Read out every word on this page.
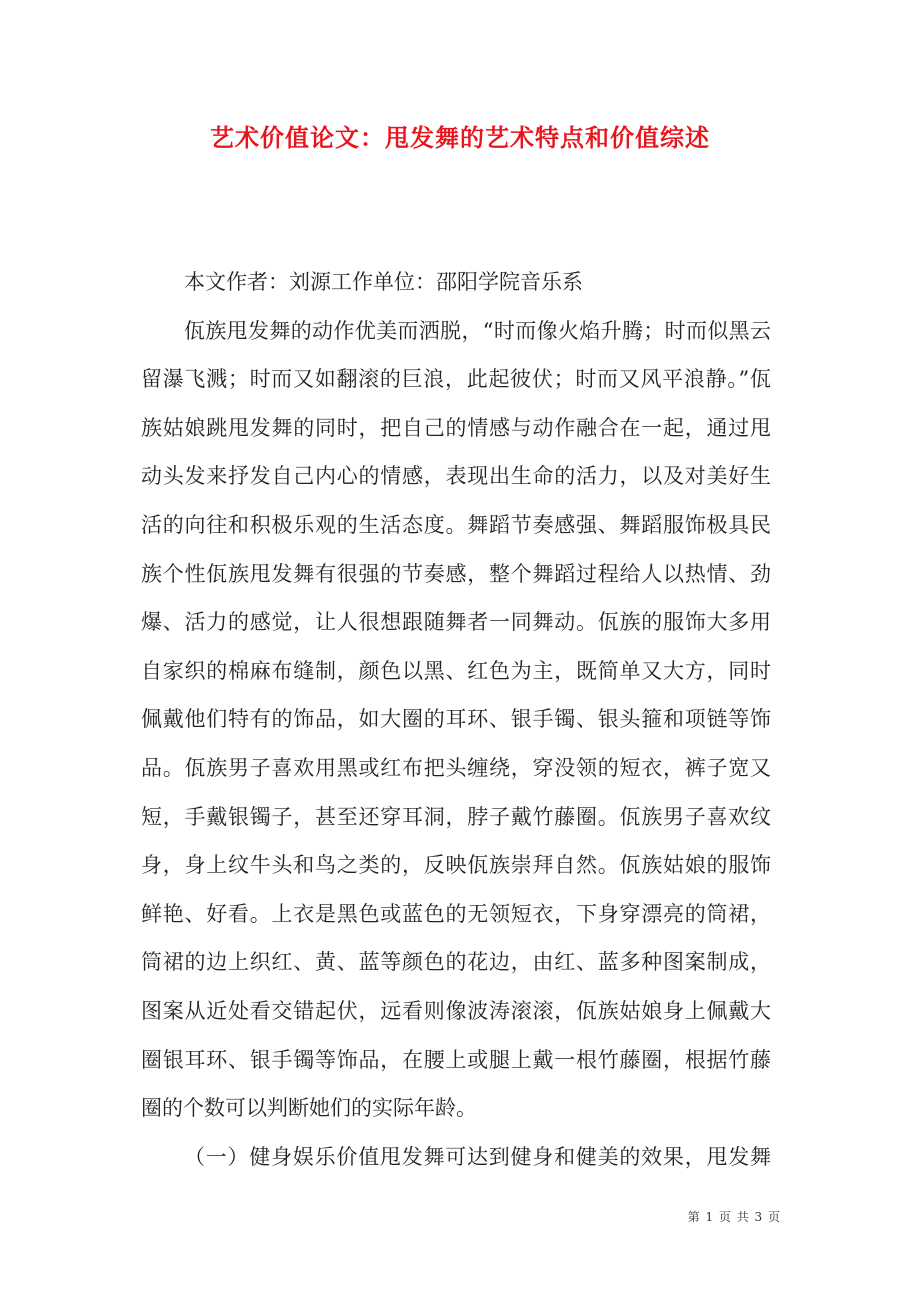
艺术价值论文：甩发舞的艺术特点和价值综述
本文作者：刘源工作单位：邵阳学院音乐系
佤族甩发舞的动作优美而洒脱，“时而像火焰升腾；时而似黑云
留瀑飞溅；时而又如翻滚的巨浪，此起彼伏；时而又风平浪静。”佤
族姑娘跳甩发舞的同时，把自己的情感与动作融合在一起，通过甩
动头发来抒发自己内心的情感，表现出生命的活力，以及对美好生
活的向往和积极乐观的生活态度。舞蹈节奏感强、舞蹈服饰极具民
族个性佤族甩发舞有很强的节奏感，整个舞蹈过程给人以热情、劲
爆、活力的感觉，让人很想跟随舞者一同舞动。佤族的服饰大多用
自家织的棉麻布缝制，颜色以黑、红色为主，既简单又大方，同时
佩戴他们特有的饰品，如大圈的耳环、银手镯、银头箍和项链等饰
品。佤族男子喜欢用黑或红布把头缠绕，穿没领的短衣，裤子宽又
短，手戴银镯子，甚至还穿耳洞，脖子戴竹藤圈。佤族男子喜欢纹
身，身上纹牛头和鸟之类的，反映佤族崇拜自然。佤族姑娘的服饰
鲜艳、好看。上衣是黑色或蓝色的无领短衣，下身穿漂亮的筒裙，
筒裙的边上织红、黄、蓝等颜色的花边，由红、蓝多种图案制成，
图案从近处看交错起伏，远看则像波涛滚滚，佤族姑娘身上佩戴大
圈银耳环、银手镯等饰品，在腰上或腿上戴一根竹藤圈，根据竹藤
圈的个数可以判断她们的实际年龄。
（一）健身娱乐价值甩发舞可达到健身和健美的效果，甩发舞
第 1 页 共 3 页
